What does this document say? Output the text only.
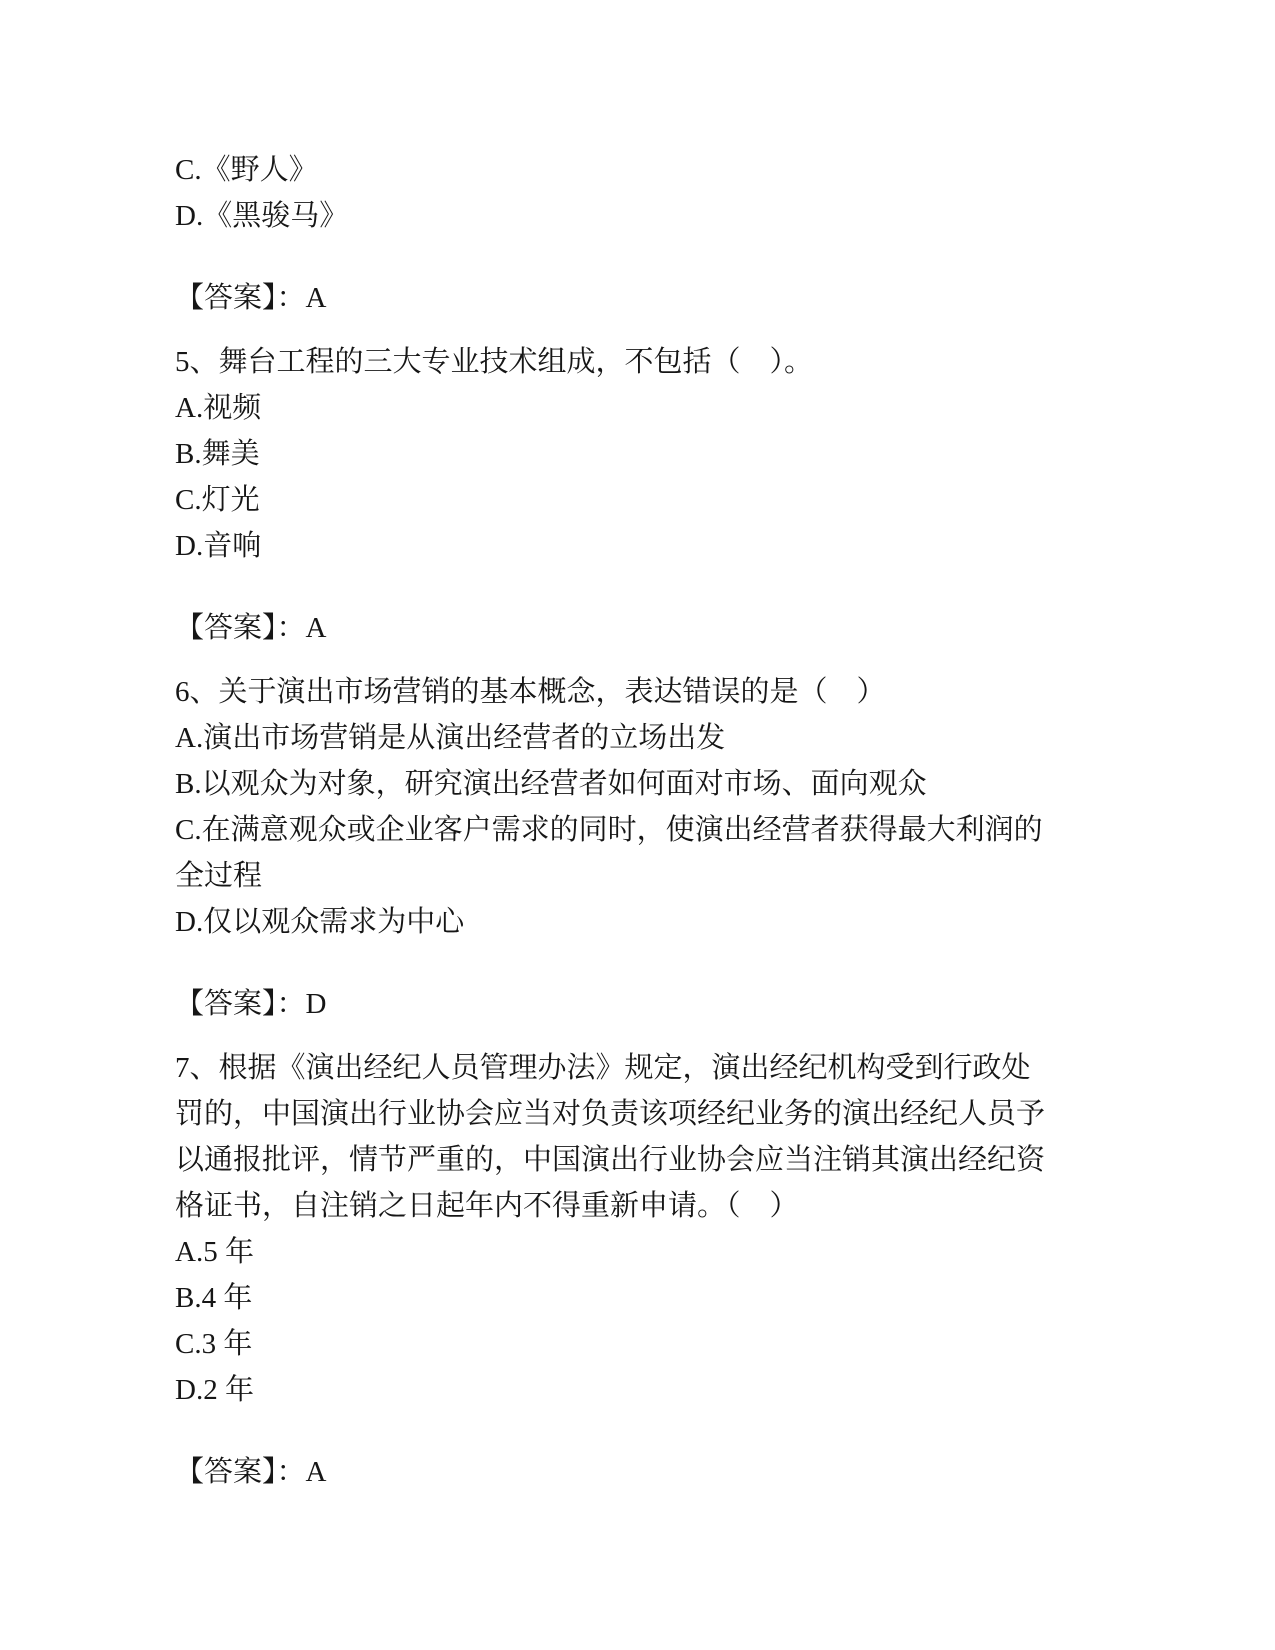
C.《野人》

D.《黑骏马》

【答案】：A

5、舞台工程的三大专业技术组成，不包括（　）。

A.视频

B.舞美

C.灯光

D.音响

【答案】：A

6、关于演出市场营销的基本概念，表达错误的是（　）

A.演出市场营销是从演出经营者的立场出发

B.以观众为对象，研究演出经营者如何面对市场、面向观众

C.在满意观众或企业客户需求的同时，使演出经营者获得最大利润的全过程

D.仅以观众需求为中心

【答案】：D

7、根据《演出经纪人员管理办法》规定，演出经纪机构受到行政处罚的，中国演出行业协会应当对负责该项经纪业务的演出经纪人员予以通报批评，情节严重的，中国演出行业协会应当注销其演出经纪资格证书，自注销之日起年内不得重新申请。（　）

A.5 年

B.4 年

C.3 年

D.2 年

【答案】：A
